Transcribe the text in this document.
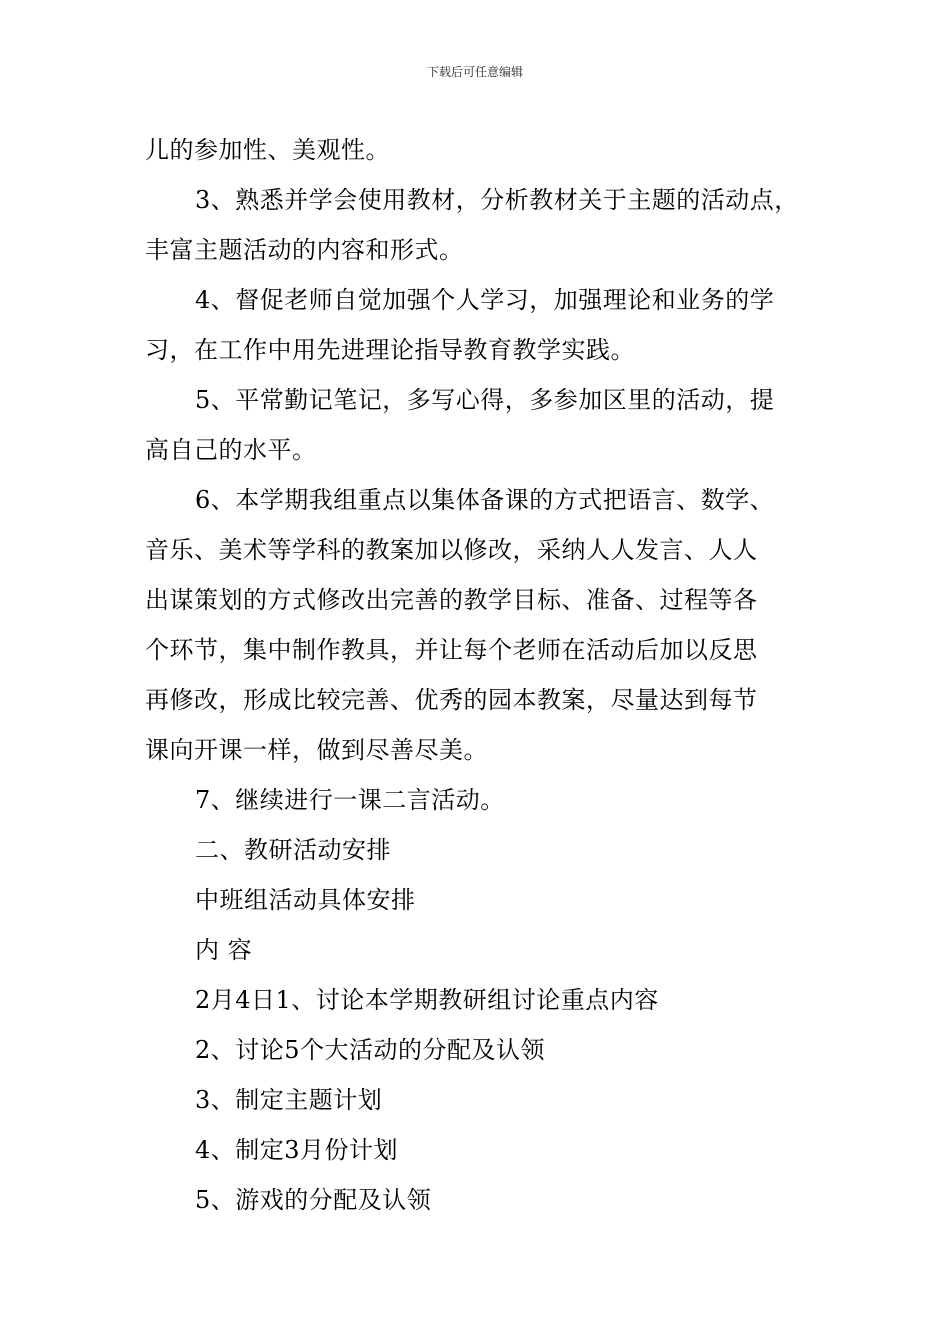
下载后可任意编辑
儿的参加性、美观性。
3、熟悉并学会使用教材，分析教材关于主题的活动点，
丰富主题活动的内容和形式。
4、督促老师自觉加强个人学习，加强理论和业务的学
习，在工作中用先进理论指导教育教学实践。
5、平常勤记笔记，多写心得，多参加区里的活动，提
高自己的水平。
6、本学期我组重点以集体备课的方式把语言、数学、
音乐、美术等学科的教案加以修改，采纳人人发言、人人
出谋策划的方式修改出完善的教学目标、准备、过程等各
个环节，集中制作教具，并让每个老师在活动后加以反思
再修改，形成比较完善、优秀的园本教案，尽量达到每节
课向开课一样，做到尽善尽美。
7、继续进行一课二言活动。
二、教研活动安排
中班组活动具体安排
内 容
2月4日1、讨论本学期教研组讨论重点内容
2、讨论5个大活动的分配及认领
3、制定主题计划
4、制定3月份计划
5、游戏的分配及认领
